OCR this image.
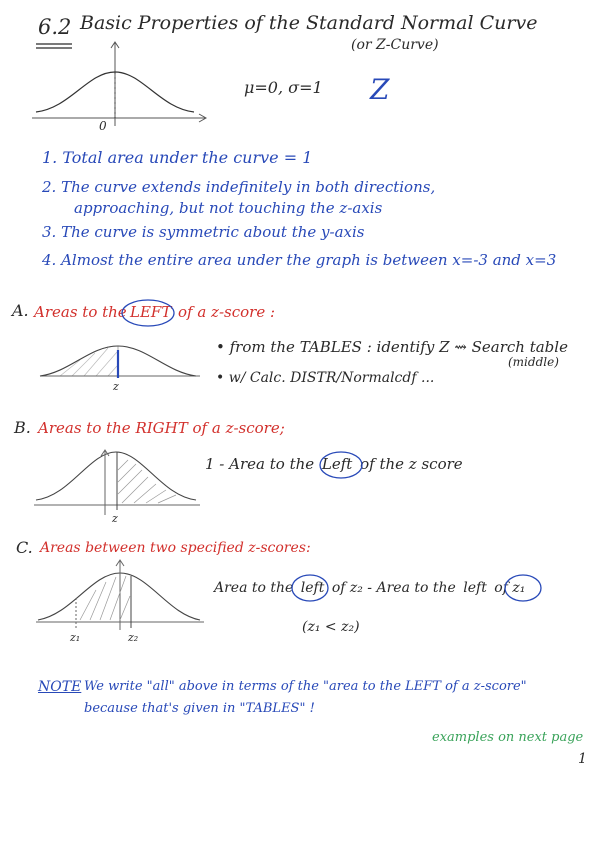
6.2 Basic Properties of the Standard Normal Curve
(or Z-Curve)
0
μ=0, σ=1 Z
1. Total area under the curve = 1
2. The curve extends indefinitely in both directions,
approaching, but not touching the z-axis
3. The curve is symmetric about the y-axis
4. Almost the entire area under the graph is between x=-3 and x=3
A. Areas to the LEFT of a z-score :
z
• from the TABLES : identify Z ⇝ Search table
(middle)
• w/ Calc. DISTR/Normalcdf ...
B. Areas to the RIGHT of a z-score;
z
1 - Area to the Left of the z score
C. Areas between two specified z-scores:
z₁	z₂
Area to the left of z₂ - Area to the left of z₁
(z₁ < z₂)
NOTE We write "all" above in terms of the "area to the LEFT of a z-score"
because that's given in "TABLES" !
examples on next page
1
